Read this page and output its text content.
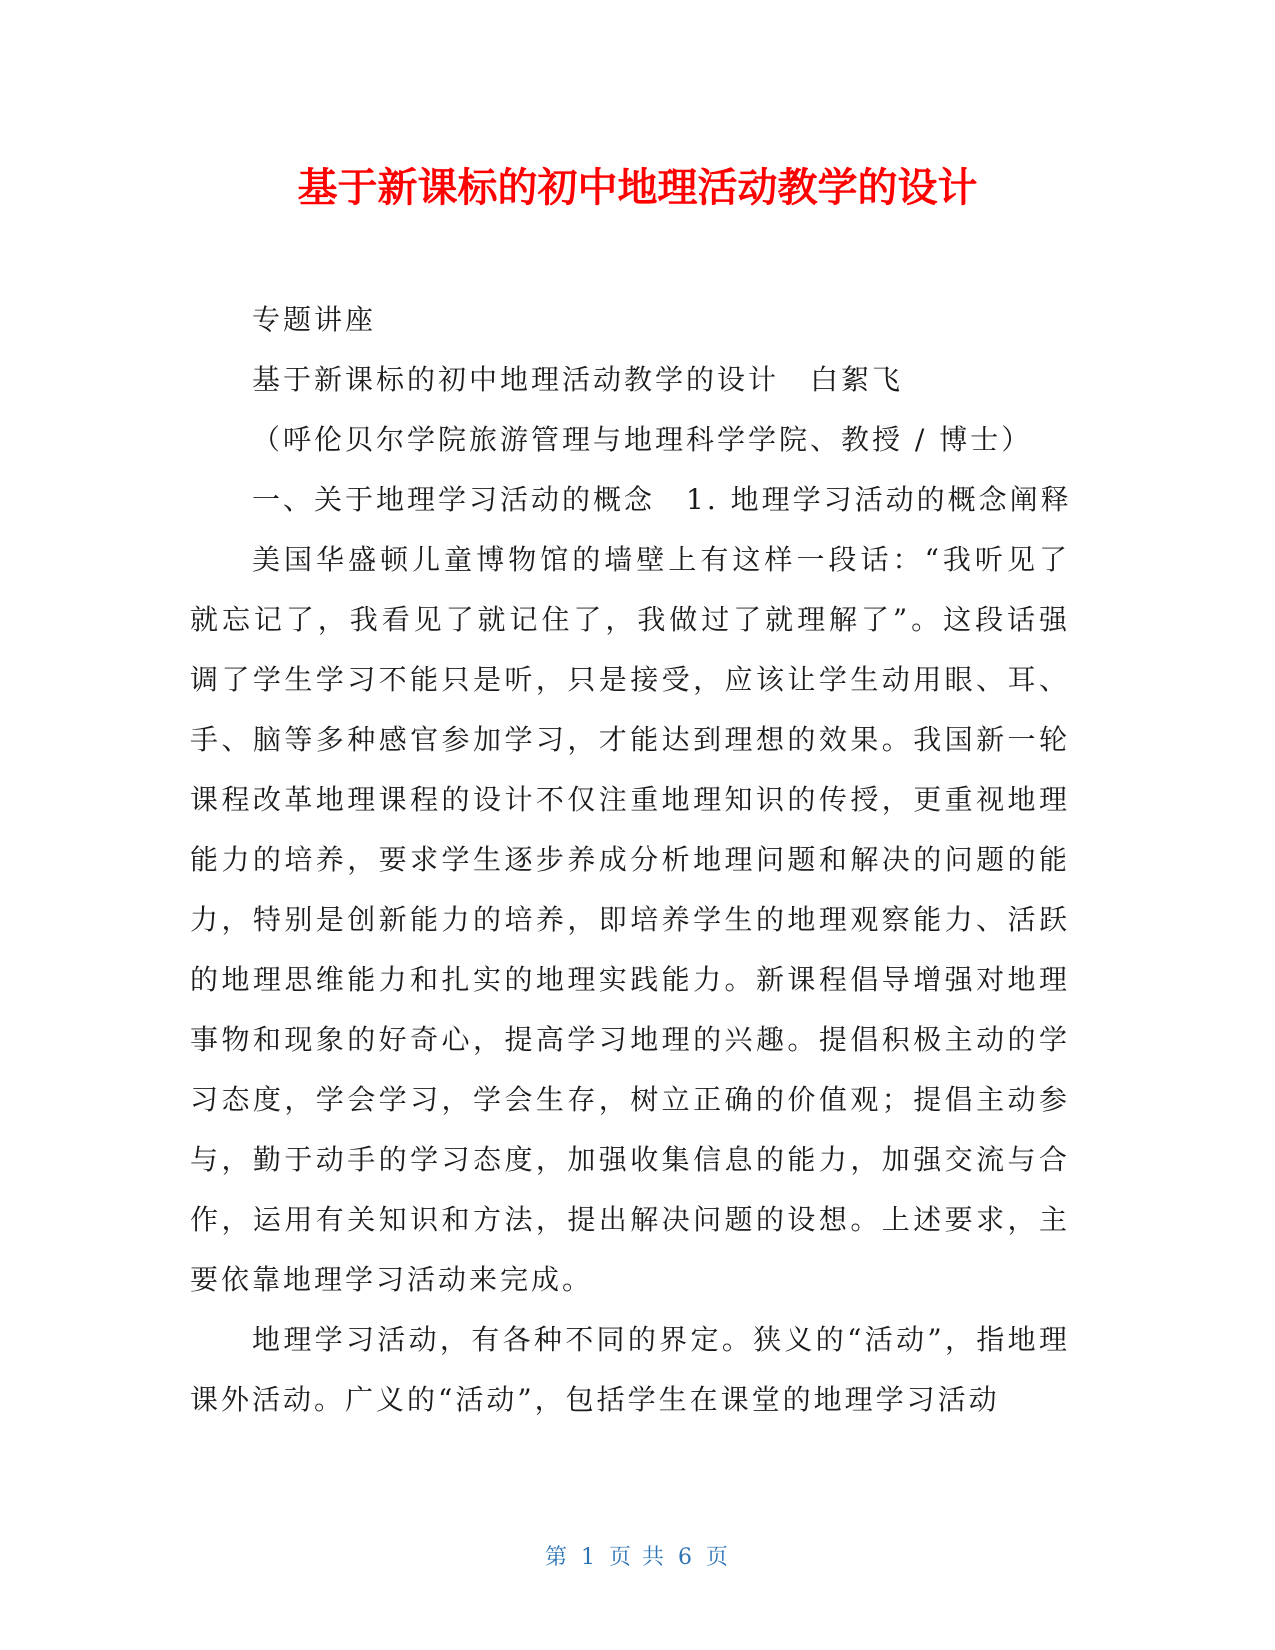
基于新课标的初中地理活动教学的设计

专题讲座

基于新课标的初中地理活动教学的设计　白絮飞

（呼伦贝尔学院旅游管理与地理科学学院、教授 / 博士）

一、关于地理学习活动的概念　1. 地理学习活动的概念阐释

美国华盛顿儿童博物馆的墙壁上有这样一段话：“我听见了就忘记了，我看见了就记住了，我做过了就理解了”。这段话强调了学生学习不能只是听，只是接受，应该让学生动用眼、耳、手、脑等多种感官参加学习，才能达到理想的效果。我国新一轮课程改革地理课程的设计不仅注重地理知识的传授，更重视地理能力的培养，要求学生逐步养成分析地理问题和解决的问题的能力，特别是创新能力的培养，即培养学生的地理观察能力、活跃的地理思维能力和扎实的地理实践能力。新课程倡导增强对地理事物和现象的好奇心，提高学习地理的兴趣。提倡积极主动的学习态度，学会学习，学会生存，树立正确的价值观；提倡主动参与，勤于动手的学习态度，加强收集信息的能力，加强交流与合作，运用有关知识和方法，提出解决问题的设想。上述要求，主要依靠地理学习活动来完成。

地理学习活动，有各种不同的界定。狭义的“活动”，指地理课外活动。广义的“活动”，包括学生在课堂的地理学习活动

第 1 页 共 6 页
